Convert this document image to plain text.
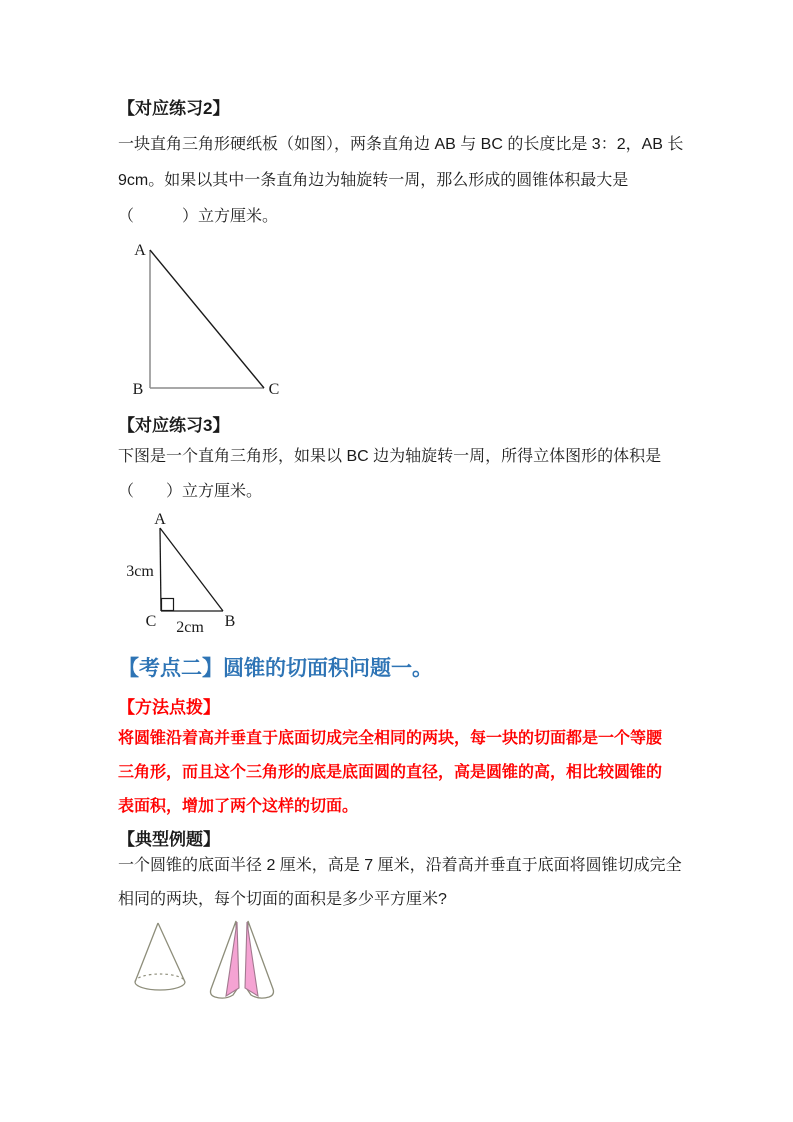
【对应练习2】
一块直角三角形硬纸板（如图），两条直角边 AB 与 BC 的长度比是 3：2，AB 长
9cm。如果以其中一条直角边为轴旋转一周，那么形成的圆锥体积最大是
（　　　）立方厘米。
A
B	C
【对应练习3】
下图是一个直角三角形，如果以 BC 边为轴旋转一周，所得立体图形的体积是
（　　）立方厘米。
A
C	B
3cm
2cm
【考点二】圆锥的切面积问题一。
【方法点拨】
将圆锥沿着高并垂直于底面切成完全相同的两块，每一块的切面都是一个等腰
三角形，而且这个三角形的底是底面圆的直径，高是圆锥的高，相比较圆锥的
表面积，增加了两个这样的切面。
【典型例题】
一个圆锥的底面半径 2 厘米，高是 7 厘米，沿着高并垂直于底面将圆锥切成完全
相同的两块，每个切面的面积是多少平方厘米?
